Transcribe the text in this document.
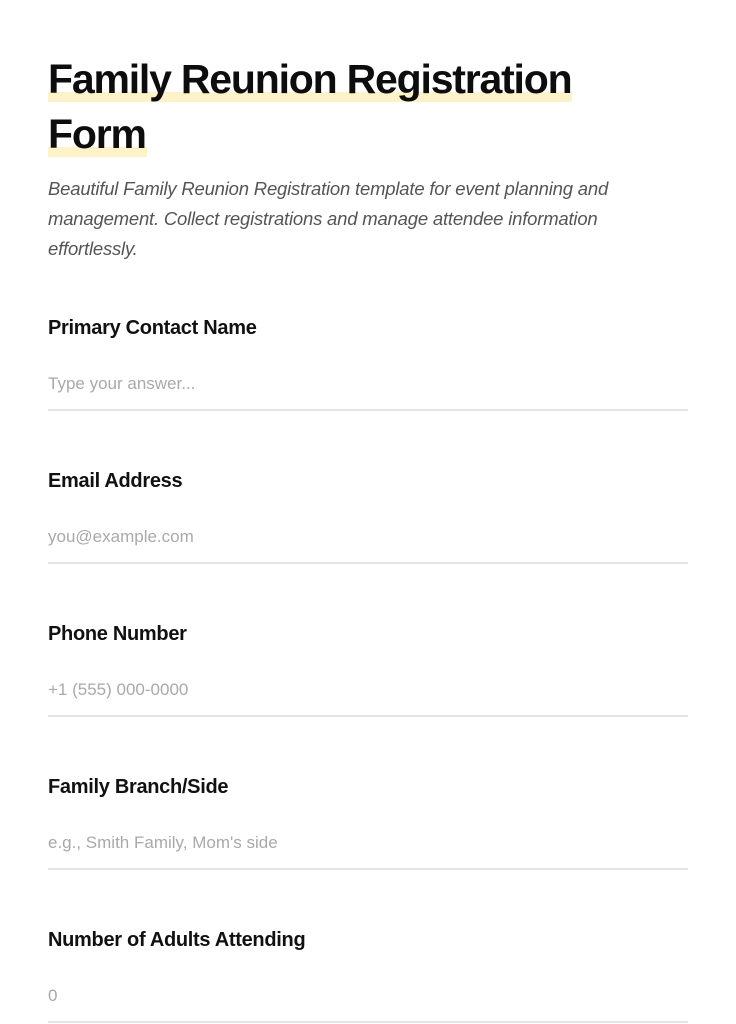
Family Reunion Registration Form

Beautiful Family Reunion Registration template for event planning and management. Collect registrations and manage attendee information effortlessly.

Primary Contact Name
Type your answer...
Email Address
you@example.com
Phone Number
+1 (555) 000-0000
Family Branch/Side
e.g., Smith Family, Mom's side
Number of Adults Attending
0
